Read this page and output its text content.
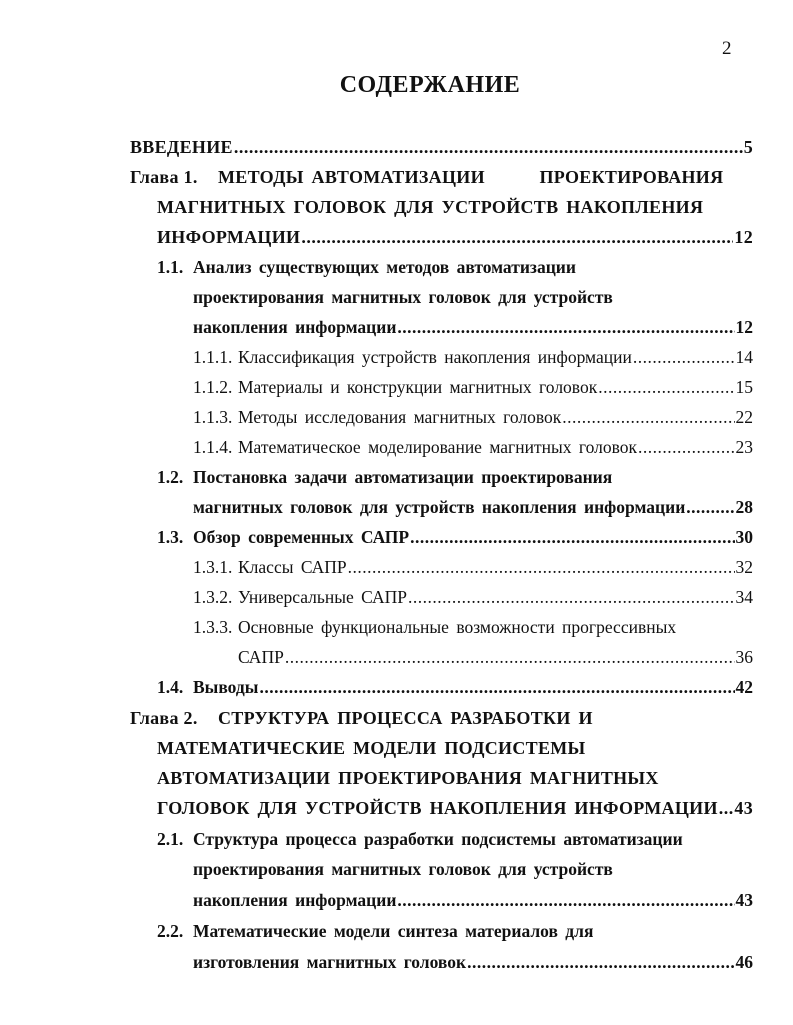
2
СОДЕРЖАНИЕ
ВВЕДЕНИЕ .....	5
Глава 1.	МЕТОДЫ АВТОМАТИЗАЦИИ       ПРОЕКТИРОВАНИЯ
МАГНИТНЫХ ГОЛОВОК ДЛЯ УСТРОЙСТВ НАКОПЛЕНИЯ
ИНФОРМАЦИИ .....	12
1.1. Анализ существующих методов автоматизации
проектирования магнитных головок для устройств
накопления информации .....	12
1.1.1. Классификация устройств накопления информации .....	14
1.1.2. Материалы и конструкции магнитных головок .....	15
1.1.3. Методы исследования магнитных головок .....	22
1.1.4. Математическое моделирование магнитных головок .....	23
1.2. Постановка задачи автоматизации проектирования
магнитных головок для устройств накопления информации .....	28
1.3. Обзор современных САПР .....	30
1.3.1. Классы САПР .....	32
1.3.2. Универсальные САПР .....	34
1.3.3. Основные функциональные возможности прогрессивных
САПР .....	36
1.4. Выводы .....	42
Глава 2.	СТРУКТУРА ПРОЦЕССА РАЗРАБОТКИ И
МАТЕМАТИЧЕСКИЕ МОДЕЛИ ПОДСИСТЕМЫ
АВТОМАТИЗАЦИИ ПРОЕКТИРОВАНИЯ МАГНИТНЫХ
ГОЛОВОК ДЛЯ УСТРОЙСТВ НАКОПЛЕНИЯ ИНФОРМАЦИИ ..... 43
2.1. Структура процесса разработки подсистемы автоматизации
проектирования магнитных головок для устройств
накопления информации .....	43
2.2. Математические модели синтеза материалов для
изготовления магнитных головок .....	46
